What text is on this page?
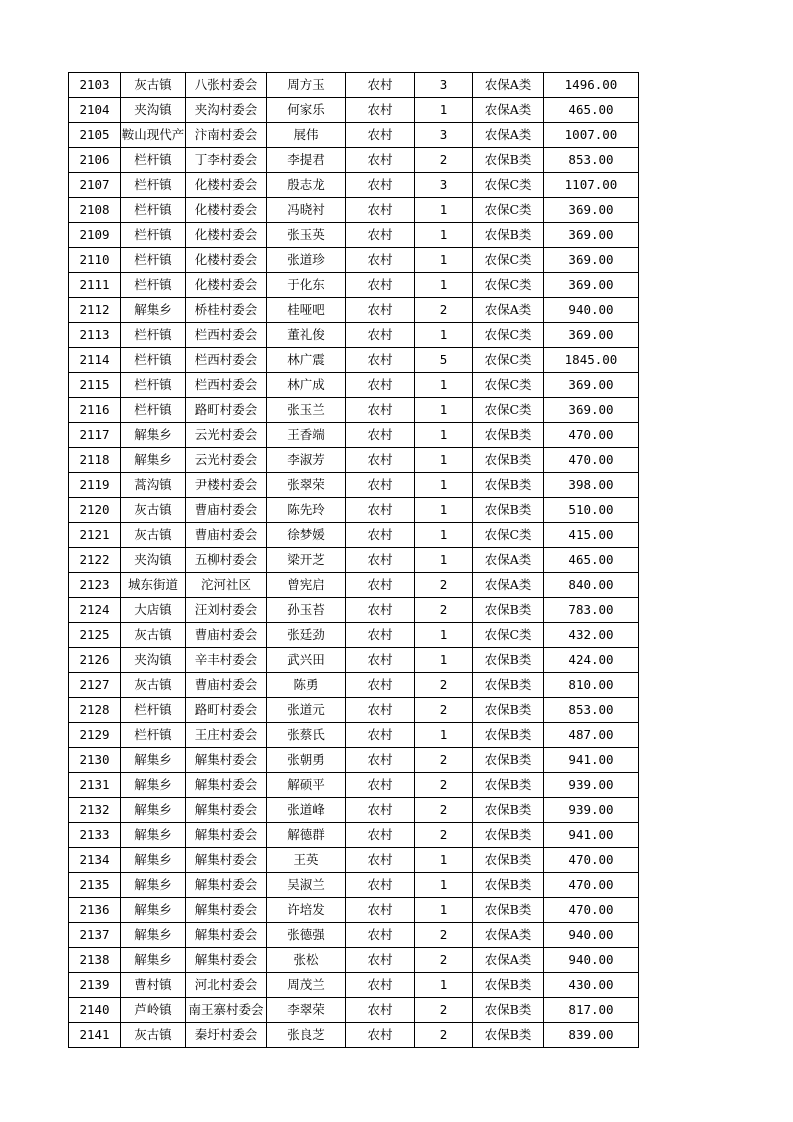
2103	灰古镇	八张村委会	周方玉	农村	3	农保A类	1496.00
2104	夹沟镇	夹沟村委会	何家乐	农村	1	农保A类	465.00
2105	鞍山现代产	汴南村委会	展伟	农村	3	农保A类	1007.00
2106	栏杆镇	丁李村委会	李提君	农村	2	农保B类	853.00
2107	栏杆镇	化楼村委会	殷志龙	农村	3	农保C类	1107.00
2108	栏杆镇	化楼村委会	冯晓衬	农村	1	农保C类	369.00
2109	栏杆镇	化楼村委会	张玉英	农村	1	农保B类	369.00
2110	栏杆镇	化楼村委会	张道珍	农村	1	农保C类	369.00
2111	栏杆镇	化楼村委会	于化东	农村	1	农保C类	369.00
2112	解集乡	桥桂村委会	桂哑吧	农村	2	农保A类	940.00
2113	栏杆镇	栏西村委会	董礼俊	农村	1	农保C类	369.00
2114	栏杆镇	栏西村委会	林广震	农村	5	农保C类	1845.00
2115	栏杆镇	栏西村委会	林广成	农村	1	农保C类	369.00
2116	栏杆镇	路町村委会	张玉兰	农村	1	农保C类	369.00
2117	解集乡	云光村委会	王香端	农村	1	农保B类	470.00
2118	解集乡	云光村委会	李淑芳	农村	1	农保B类	470.00
2119	蒿沟镇	尹楼村委会	张翠荣	农村	1	农保B类	398.00
2120	灰古镇	曹庙村委会	陈先玲	农村	1	农保B类	510.00
2121	灰古镇	曹庙村委会	徐梦媛	农村	1	农保C类	415.00
2122	夹沟镇	五柳村委会	梁开芝	农村	1	农保A类	465.00
2123	城东街道	沱河社区	曾宪启	农村	2	农保A类	840.00
2124	大店镇	汪刘村委会	孙玉苔	农村	2	农保B类	783.00
2125	灰古镇	曹庙村委会	张廷劲	农村	1	农保C类	432.00
2126	夹沟镇	辛丰村委会	武兴田	农村	1	农保B类	424.00
2127	灰古镇	曹庙村委会	陈勇	农村	2	农保B类	810.00
2128	栏杆镇	路町村委会	张道元	农村	2	农保B类	853.00
2129	栏杆镇	王庄村委会	张蔡氏	农村	1	农保B类	487.00
2130	解集乡	解集村委会	张朝勇	农村	2	农保B类	941.00
2131	解集乡	解集村委会	解硕平	农村	2	农保B类	939.00
2132	解集乡	解集村委会	张道峰	农村	2	农保B类	939.00
2133	解集乡	解集村委会	解德群	农村	2	农保B类	941.00
2134	解集乡	解集村委会	王英	农村	1	农保B类	470.00
2135	解集乡	解集村委会	吴淑兰	农村	1	农保B类	470.00
2136	解集乡	解集村委会	许培发	农村	1	农保B类	470.00
2137	解集乡	解集村委会	张德强	农村	2	农保A类	940.00
2138	解集乡	解集村委会	张松	农村	2	农保A类	940.00
2139	曹村镇	河北村委会	周茂兰	农村	1	农保B类	430.00
2140	芦岭镇	南王寨村委会	李翠荣	农村	2	农保B类	817.00
2141	灰古镇	秦圩村委会	张良芝	农村	2	农保B类	839.00
